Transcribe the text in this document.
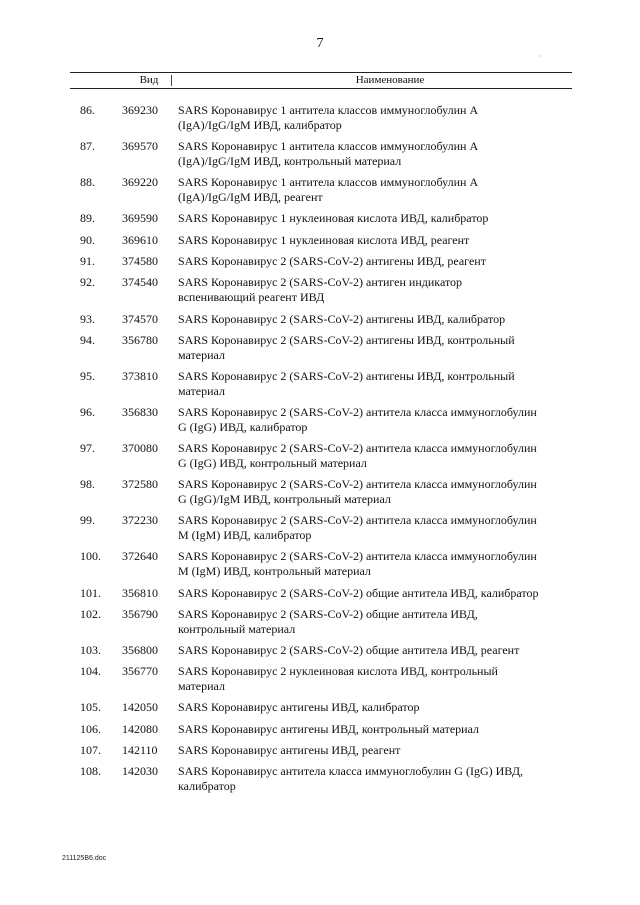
7
·
Вид	Наименование
86.	369230	SARS Коронавирус 1 антитела классов иммуноглобулин A
(IgA)/IgG/IgM ИВД, калибратор
87.	369570	SARS Коронавирус 1 антитела классов иммуноглобулин A
(IgA)/IgG/IgM ИВД, контрольный материал
88.	369220	SARS Коронавирус 1 антитела классов иммуноглобулин A
(IgA)/IgG/IgM ИВД, реагент
89.	369590	SARS Коронавирус 1 нуклеиновая кислота ИВД, калибратор
90.	369610	SARS Коронавирус 1 нуклеиновая кислота ИВД, реагент
91.	374580	SARS Коронавирус 2 (SARS-CoV-2) антигены ИВД, реагент
92.	374540	SARS Коронавирус 2 (SARS-CoV-2) антиген индикатор
вспенивающий реагент ИВД
93.	374570	SARS Коронавирус 2 (SARS-CoV-2) антигены ИВД, калибратор
94.	356780	SARS Коронавирус 2 (SARS-CoV-2) антигены ИВД, контрольный
материал
95.	373810	SARS Коронавирус 2 (SARS-CoV-2) антигены ИВД, контрольный
материал
96.	356830	SARS Коронавирус 2 (SARS-CoV-2) антитела класса иммуноглобулин
G (IgG) ИВД, калибратор
97.	370080	SARS Коронавирус 2 (SARS-CoV-2) антитела класса иммуноглобулин
G (IgG) ИВД, контрольный материал
98.	372580	SARS Коронавирус 2 (SARS-CoV-2) антитела класса иммуноглобулин
G (IgG)/IgM ИВД, контрольный материал
99.	372230	SARS Коронавирус 2 (SARS-CoV-2) антитела класса иммуноглобулин
M (IgM) ИВД, калибратор
100.	372640	SARS Коронавирус 2 (SARS-CoV-2) антитела класса иммуноглобулин
M (IgM) ИВД, контрольный материал
101.	356810	SARS Коронавирус 2 (SARS-CoV-2) общие антитела ИВД, калибратор
102.	356790	SARS Коронавирус 2 (SARS-CoV-2) общие антитела ИВД,
контрольный материал
103.	356800	SARS Коронавирус 2 (SARS-CoV-2) общие антитела ИВД, реагент
104.	356770	SARS Коронавирус 2 нуклеиновая кислота ИВД, контрольный
материал
105.	142050	SARS Коронавирус антигены ИВД, калибратор
106.	142080	SARS Коронавирус антигены ИВД, контрольный материал
107.	142110	SARS Коронавирус антигены ИВД, реагент
108.	142030	SARS Коронавирус антитела класса иммуноглобулин G (IgG) ИВД,
калибратор
211125B6.doc
